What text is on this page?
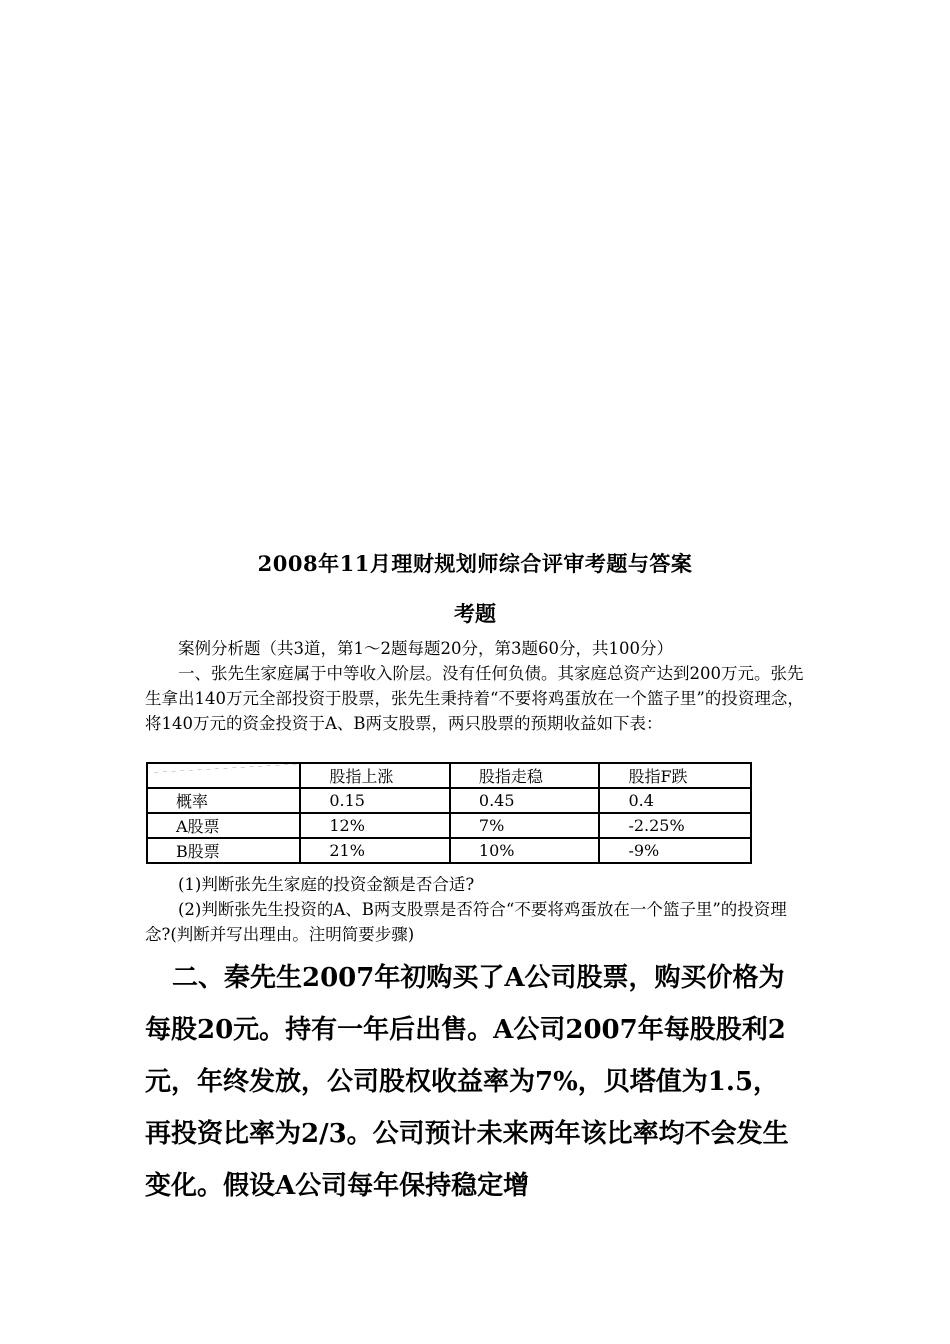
2008年11月理财规划师综合评审考题与答案
考题
案例分析题（共3道，第1～2题每题20分，第3题60分，共100分）
一、张先生家庭属于中等收入阶层。没有任何负债。其家庭总资产达到200万元。张先生拿出140万元全部投资于股票，张先生秉持着“不要将鸡蛋放在一个篮子里”的投资理念，将140万元的资金投资于A、B两支股票，两只股票的预期收益如下表：
	股指上涨	股指走稳	股指F跌
概率	0.15	0.45	0.4
A股票	12%	7%	-2.25%
B股票	21%	10%	-9%
(1)判断张先生家庭的投资金额是否合适?
(2)判断张先生投资的A、B两支股票是否符合“不要将鸡蛋放在一个篮子里”的投资理念?(判断并写出理由。注明简要步骤)
二、秦先生2007年初购买了A公司股票，购买价格为每股20元。持有一年后出售。A公司2007年每股股利2元，年终发放，公司股权收益率为7%，贝塔值为1.5，再投资比率为2/3。公司预计未来两年该比率均不会发生变化。假设A公司每年保持稳定增
